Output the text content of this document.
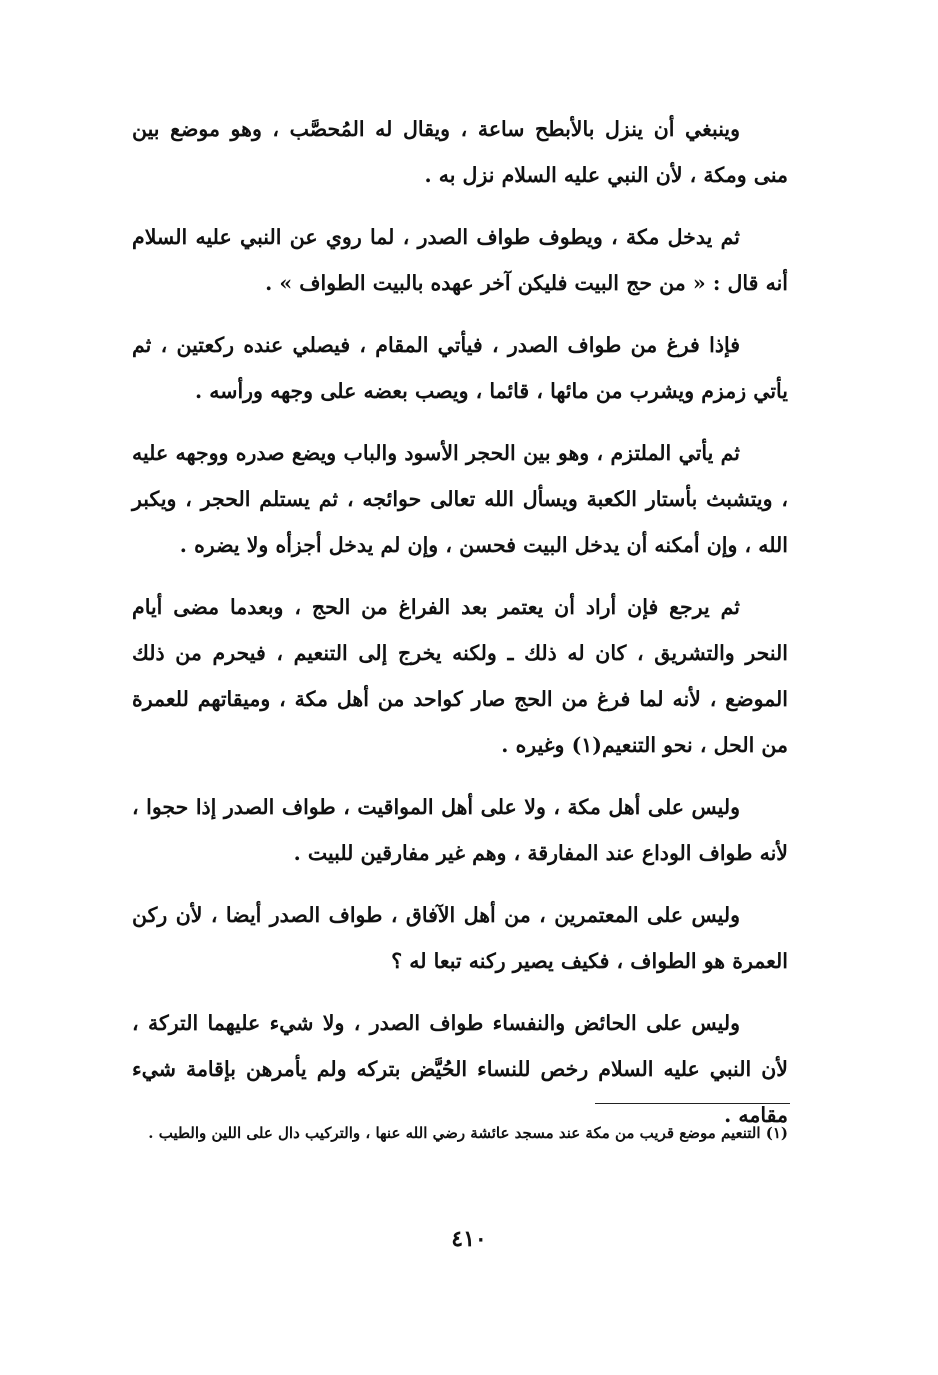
وينبغي أن ينزل بالأبطح ساعة ، ويقال له المُحصَّب ، وهو موضع بين منى ومكة ، لأن النبي عليه السلام نزل به .

ثم يدخل مكة ، ويطوف طواف الصدر ، لما روي عن النبي عليه السلام أنه قال : « من حج البيت فليكن آخر عهده بالبيت الطواف » .

فإذا فرغ من طواف الصدر ، فيأتي المقام ، فيصلي عنده ركعتين ، ثم يأتي زمزم ويشرب من مائها ، قائما ، ويصب بعضه على وجهه ورأسه .

ثم يأتي الملتزم ، وهو بين الحجر الأسود والباب ويضع صدره ووجهه عليه ، ويتشبث بأستار الكعبة ويسأل الله تعالى حوائجه ، ثم يستلم الحجر ، ويكبر الله ، وإن أمكنه أن يدخل البيت فحسن ، وإن لم يدخل أجزأه ولا يضره .

ثم يرجع فإن أراد أن يعتمر بعد الفراغ من الحج ، وبعدما مضى أيام النحر والتشريق ، كان له ذلك ـ ولكنه يخرج إلى التنعيم ، فيحرم من ذلك الموضع ، لأنه لما فرغ من الحج صار كواحد من أهل مكة ، وميقاتهم للعمرة من الحل ، نحو التنعيم(١) وغيره .

وليس على أهل مكة ، ولا على أهل المواقيت ، طواف الصدر إذا حجوا ، لأنه طواف الوداع عند المفارقة ، وهم غير مفارقين للبيت .

وليس على المعتمرين ، من أهل الآفاق ، طواف الصدر أيضا ، لأن ركن العمرة هو الطواف ، فكيف يصير ركنه تبعا له ؟

وليس على الحائض والنفساء طواف الصدر ، ولا شيء عليهما التركة ، لأن النبي عليه السلام رخص للنساء الحُيَّض بتركه ولم يأمرهن بإقامة شيء مقامه .

(١) التنعيم موضع قريب من مكة عند مسجد عائشة رضي الله عنها ، والتركيب دال على اللين والطيب .
٤١٠
